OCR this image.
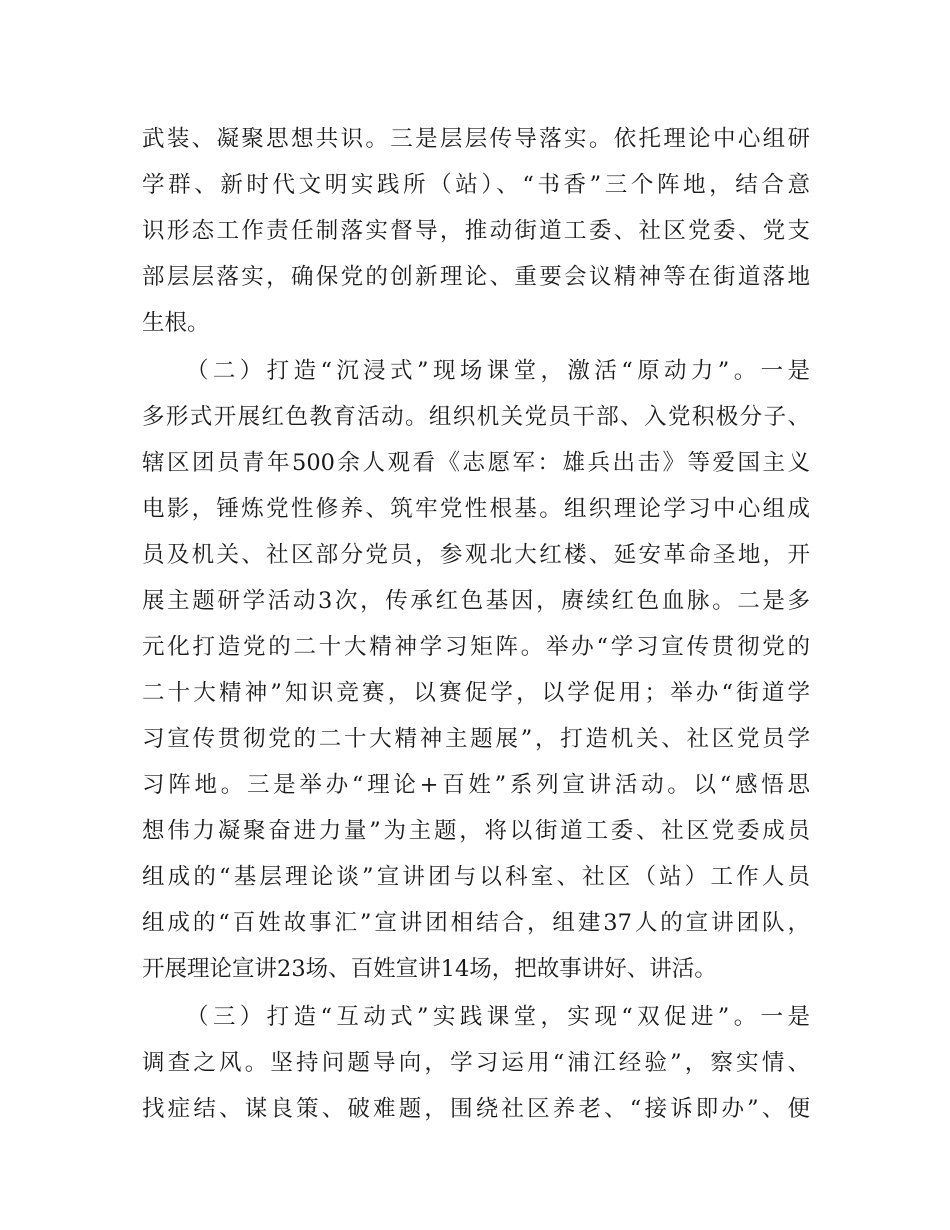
武装、凝聚思想共识。三是层层传导落实。依托理论中心组研
学群、新时代文明实践所（站）、“书香”三个阵地，结合意
识形态工作责任制落实督导，推动街道工委、社区党委、党支
部层层落实，确保党的创新理论、重要会议精神等在街道落地
生根。
（二）打造“沉浸式”现场课堂，激活“原动力”。一是
多形式开展红色教育活动。组织机关党员干部、入党积极分子、
辖区团员青年500余人观看《志愿军：雄兵出击》等爱国主义
电影，锤炼党性修养、筑牢党性根基。组织理论学习中心组成
员及机关、社区部分党员，参观北大红楼、延安革命圣地，开
展主题研学活动3次，传承红色基因，赓续红色血脉。二是多
元化打造党的二十大精神学习矩阵。举办“学习宣传贯彻党的
二十大精神”知识竞赛，以赛促学，以学促用；举办“街道学
习宣传贯彻党的二十大精神主题展”，打造机关、社区党员学
习阵地。三是举办“理论+百姓”系列宣讲活动。以“感悟思
想伟力凝聚奋进力量”为主题，将以街道工委、社区党委成员
组成的“基层理论谈”宣讲团与以科室、社区（站）工作人员
组成的“百姓故事汇”宣讲团相结合，组建37人的宣讲团队，
开展理论宣讲23场、百姓宣讲14场，把故事讲好、讲活。
（三）打造“互动式”实践课堂，实现“双促进”。一是
调查之风。坚持问题导向，学习运用“浦江经验”，察实情、
找症结、谋良策、破难题，围绕社区养老、“接诉即办”、便
